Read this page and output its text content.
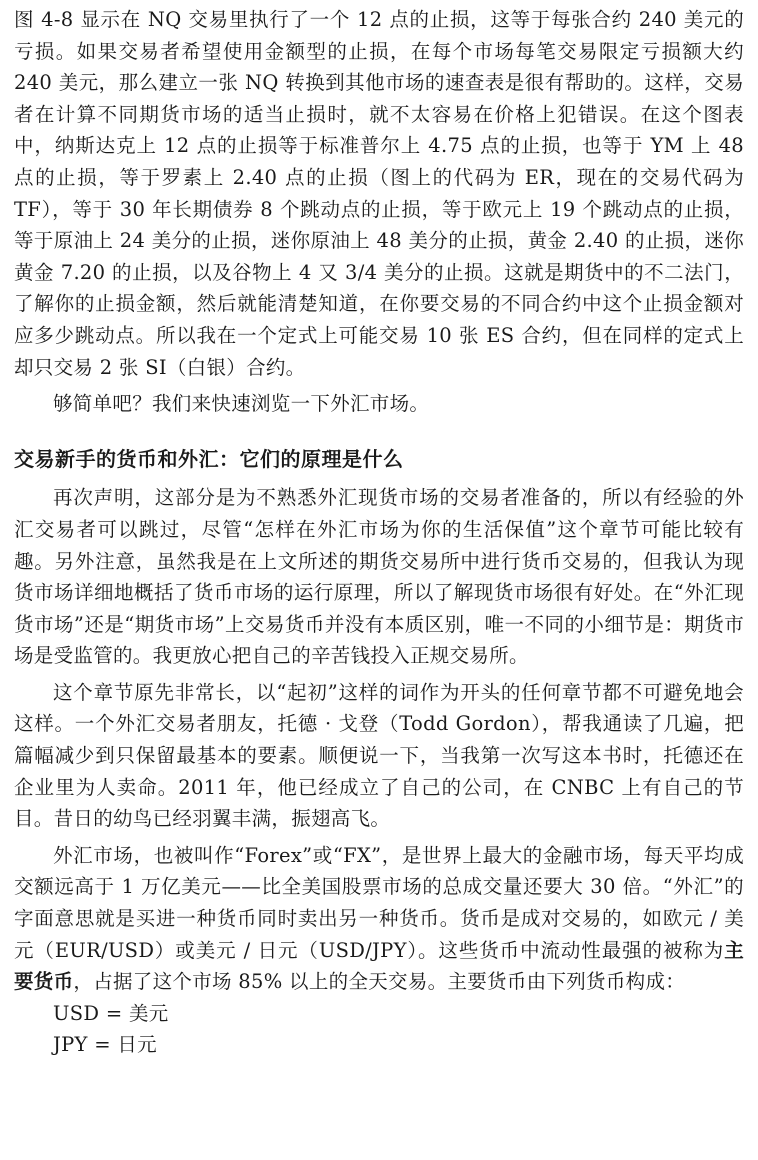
图 4-8 显示在 NQ 交易里执行了一个 12 点的止损，这等于每张合约 240 美元的亏损。如果交易者希望使用金额型的止损，在每个市场每笔交易限定亏损额大约 240 美元，那么建立一张 NQ 转换到其他市场的速查表是很有帮助的。这样，交易者在计算不同期货市场的适当止损时，就不太容易在价格上犯错误。在这个图表中，纳斯达克上 12 点的止损等于标准普尔上 4.75 点的止损，也等于 YM 上 48 点的止损，等于罗素上 2.40 点的止损（图上的代码为 ER，现在的交易代码为 TF），等于 30 年长期债券 8 个跳动点的止损，等于欧元上 19 个跳动点的止损，等于原油上 24 美分的止损，迷你原油上 48 美分的止损，黄金 2.40 的止损，迷你黄金 7.20 的止损，以及谷物上 4 又 3/4 美分的止损。这就是期货中的不二法门，了解你的止损金额，然后就能清楚知道，在你要交易的不同合约中这个止损金额对应多少跳动点。所以我在一个定式上可能交易 10 张 ES 合约，但在同样的定式上却只交易 2 张 SI（白银）合约。

够简单吧？我们来快速浏览一下外汇市场。

交易新手的货币和外汇：它们的原理是什么

再次声明，这部分是为不熟悉外汇现货市场的交易者准备的，所以有经验的外汇交易者可以跳过，尽管“怎样在外汇市场为你的生活保值”这个章节可能比较有趣。另外注意，虽然我是在上文所述的期货交易所中进行货币交易的，但我认为现货市场详细地概括了货币市场的运行原理，所以了解现货市场很有好处。在“外汇现货市场”还是“期货市场”上交易货币并没有本质区别，唯一不同的小细节是：期货市场是受监管的。我更放心把自己的辛苦钱投入正规交易所。

这个章节原先非常长，以“起初”这样的词作为开头的任何章节都不可避免地会这样。一个外汇交易者朋友，托德 · 戈登（Todd Gordon），帮我通读了几遍，把篇幅减少到只保留最基本的要素。顺便说一下，当我第一次写这本书时，托德还在企业里为人卖命。2011 年，他已经成立了自己的公司，在 CNBC 上有自己的节目。昔日的幼鸟已经羽翼丰满，振翅高飞。

外汇市场，也被叫作“Forex”或“FX”，是世界上最大的金融市场，每天平均成交额远高于 1 万亿美元——比全美国股票市场的总成交量还要大 30 倍。“外汇”的字面意思就是买进一种货币同时卖出另一种货币。货币是成对交易的，如欧元 / 美元（EUR/USD）或美元 / 日元（USD/JPY）。这些货币中流动性最强的被称为主要货币，占据了这个市场 85% 以上的全天交易。主要货币由下列货币构成：

USD = 美元

JPY = 日元
